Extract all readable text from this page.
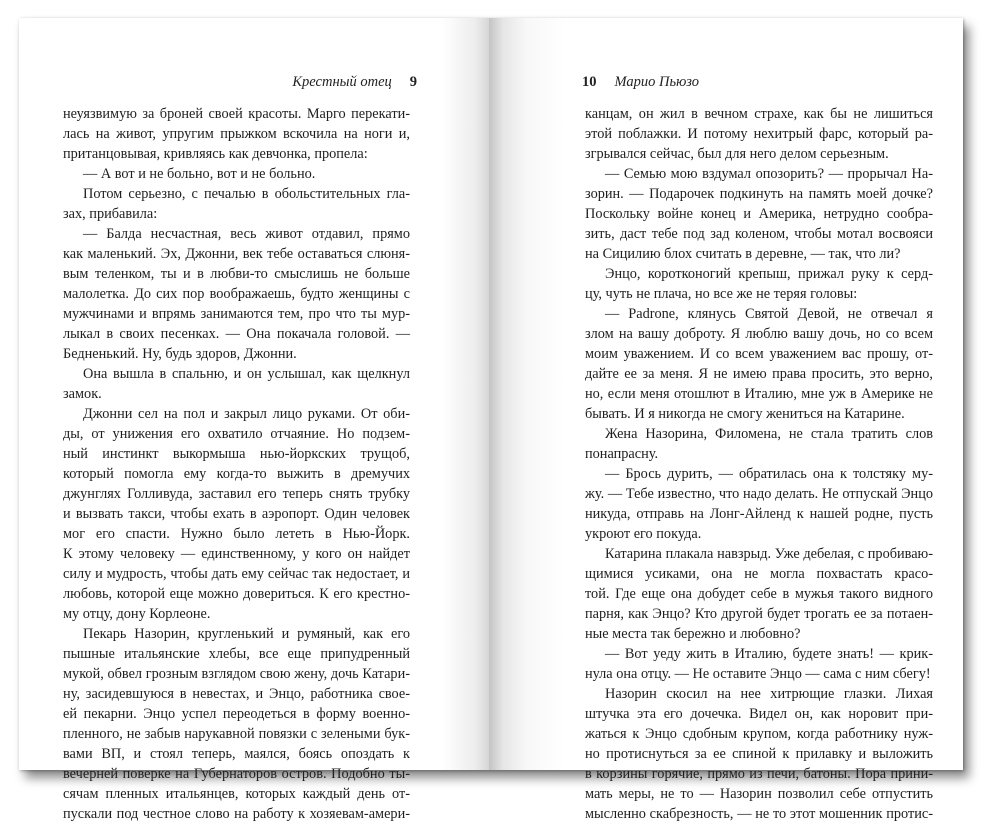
Крестный отец 9
неуязвимую за броней своей красоты. Марго перекати-
лась на живот, упругим прыжком вскочила на ноги и,
пританцовывая, кривляясь как девчонка, пропела:
— А вот и не больно, вот и не больно.
Потом серьезно, с печалью в обольстительных гла-
зах, прибавила:
— Балда несчастная, весь живот отдавил, прямо
как маленький. Эх, Джонни, век тебе оставаться слюня-
вым теленком, ты и в любви-то смыслишь не больше
малолетка. До сих пор воображаешь, будто женщины с
мужчинами и впрямь занимаются тем, про что ты мур-
лыкал в своих песенках. — Она покачала головой. —
Бедненький. Ну, будь здоров, Джонни.
Она вышла в спальню, и он услышал, как щелкнул
замок.
Джонни сел на пол и закрыл лицо руками. От оби-
ды, от унижения его охватило отчаяние. Но подзем-
ный инстинкт выкормыша нью-йоркских трущоб,
который помогла ему когда-то выжить в дремучих
джунглях Голливуда, заставил его теперь снять трубку
и вызвать такси, чтобы ехать в аэропорт. Один человек
мог его спасти. Нужно было лететь в Нью-Йорк.
К этому человеку — единственному, у кого он найдет
силу и мудрость, чтобы дать ему сейчас так недостает, и
любовь, которой еще можно довериться. К его крестно-
му отцу, дону Корлеоне.
Пекарь Назорин, кругленький и румяный, как его
пышные итальянские хлебы, все еще припудренный
мукой, обвел грозным взглядом свою жену, дочь Катари-
ну, засидевшуюся в невестах, и Энцо, работника свое-
ей пекарни. Энцо успел переодеться в форму военно-
пленного, не забыв нарукавной повязки с зелеными бук-
вами ВП, и стоял теперь, маялся, боясь опоздать к
вечерней поверке на Губернаторов остров. Подобно ты-
сячам пленных итальянцев, которых каждый день от-
пускали под честное слово на работу к хозяевам-амери-
10 Марио Пьюзо
канцам, он жил в вечном страхе, как бы не лишиться
этой поблажки. И потому нехитрый фарс, который ра-
згрывался сейчас, был для него делом серьезным.
— Семью мою вздумал опозорить? — прорычал На-
зорин. — Подарочек подкинуть на память моей дочке?
Поскольку войне конец и Америка, нетрудно сообра-
зить, даст тебе под зад коленом, чтобы мотал восвояси
на Сицилию блох считать в деревне, — так, что ли?
Энцо, коротконогий крепыш, прижал руку к серд-
цу, чуть не плача, но все же не теряя головы:
— Padrone, клянусь Святой Девой, не отвечал я
злом на вашу доброту. Я люблю вашу дочь, но со всем
моим уважением. И со всем уважением вас прошу, от-
дайте ее за меня. Я не имею права просить, это верно,
но, если меня отошлют в Италию, мне уж в Америке не
бывать. И я никогда не смогу жениться на Катарине.
Жена Назорина, Филомена, не стала тратить слов
понапрасну.
— Брось дурить, — обратилась она к толстяку му-
жу. — Тебе известно, что надо делать. Не отпускай Энцо
никуда, отправь на Лонг-Айленд к нашей родне, пусть
укроют его покуда.
Катарина плакала навзрыд. Уже дебелая, с пробиваю-
щимися усиками, она не могла похвастать красо-
той. Где еще она добудет себе в мужья такого видного
парня, как Энцо? Кто другой будет трогать ее за потаен-
ные места так бережно и любовно?
— Вот уеду жить в Италию, будете знать! — крик-
нула она отцу. — Не оставите Энцо — сама с ним сбегу!
Назорин скосил на нее хитрющие глазки. Лихая
штучка эта его дочечка. Видел он, как норовит при-
жаться к Энцо сдобным крупом, когда работнику нуж-
но протиснуться за ее спиной к прилавку и выложить
в корзины горячие, прямо из печи, батоны. Пора прини-
мать меры, не то — Назорин позволил себе отпустить
мысленно скабрезность, — не то этот мошенник протис-
